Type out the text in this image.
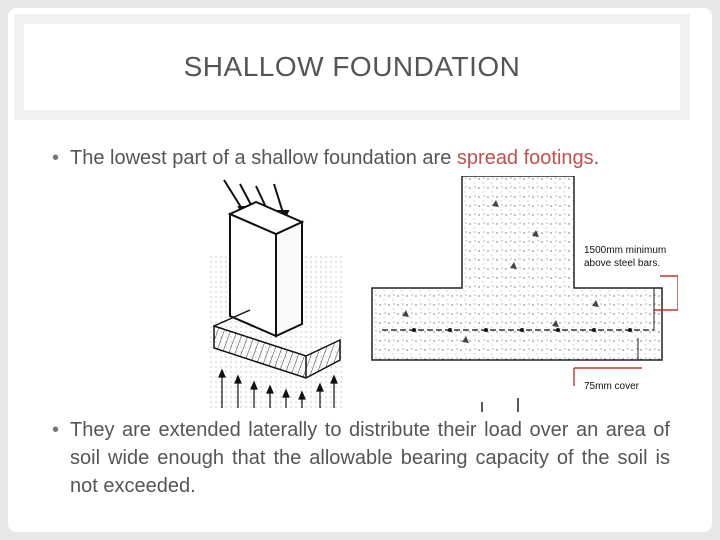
SHALLOW FOUNDATION
• The lowest part of a shallow foundation are spread footings.
1500mm minimum above steel bars.
75mm cover
• They are extended laterally to distribute their load over an area of soil wide enough that the allowable bearing capacity of the soil is not exceeded.
